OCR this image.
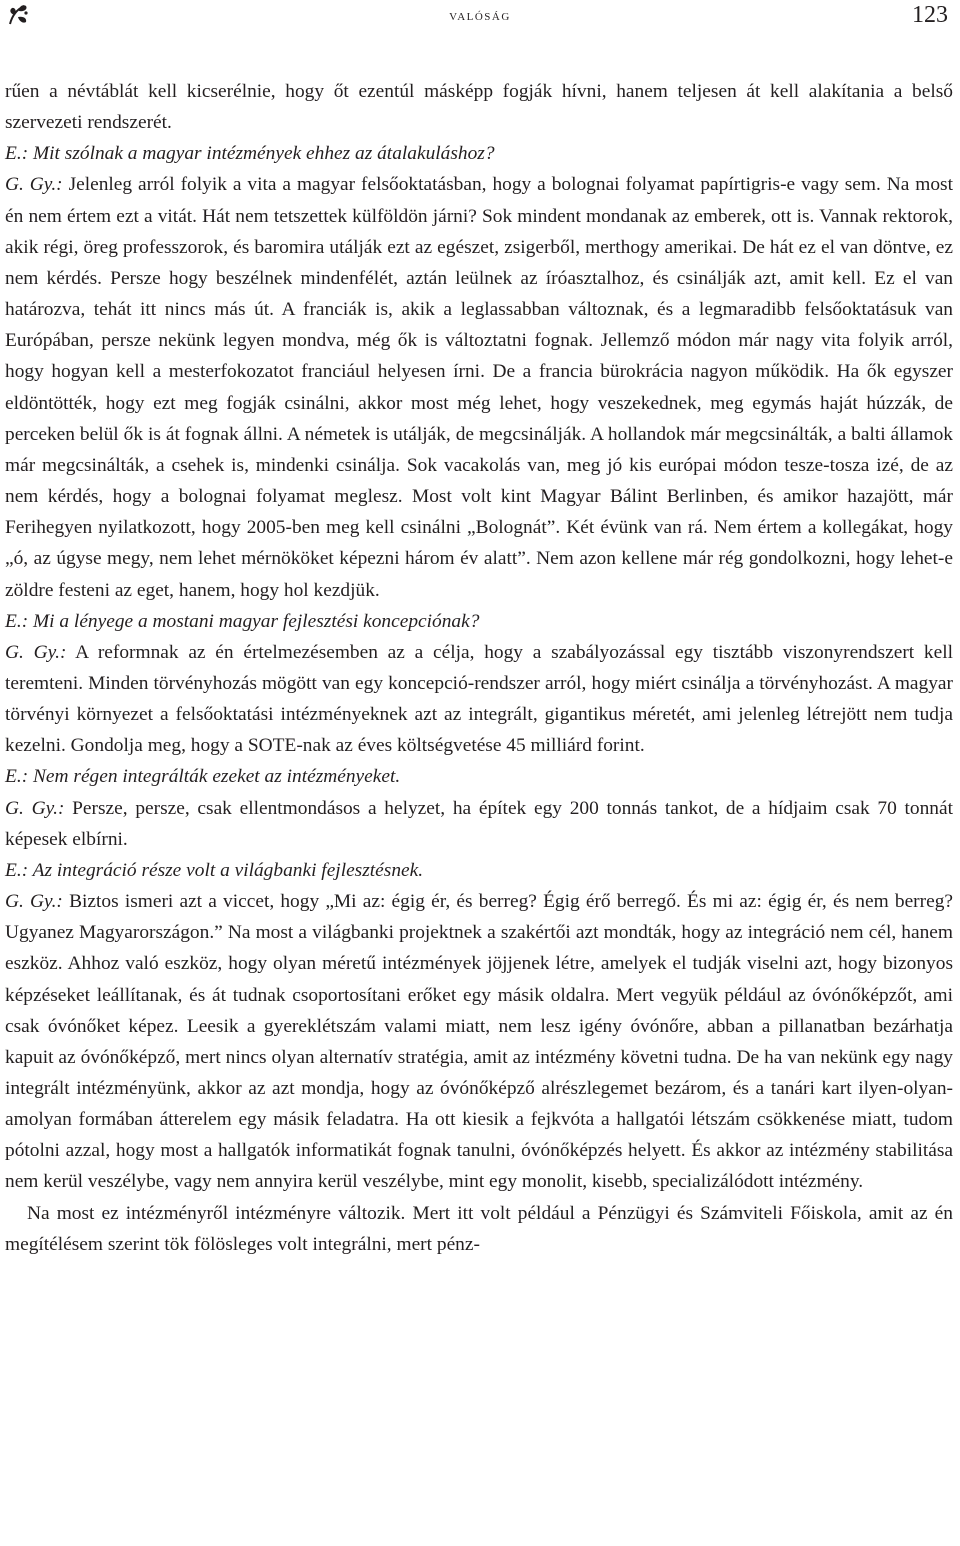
valóság	123

rűen a névtáblát kell kicserélnie, hogy őt ezentúl másképp fogják hívni, hanem teljesen át kell alakítania a belső szervezeti rendszerét.

E.: Mit szólnak a magyar intézmények ehhez az átalakuláshoz?

G. Gy.: Jelenleg arról folyik a vita a magyar felsőoktatásban, hogy a bolognai folyamat papírtigris-e vagy sem. Na most én nem értem ezt a vitát. Hát nem tetszettek külföldön járni? Sok mindent mondanak az emberek, ott is. Vannak rektorok, akik régi, öreg professzorok, és baromira utálják ezt az egészet, zsigerből, merthogy amerikai. De hát ez el van döntve, ez nem kérdés. Persze hogy beszélnek mindenfélét, aztán leülnek az íróasztalhoz, és csinálják azt, amit kell. Ez el van határozva, tehát itt nincs más út. A franciák is, akik a leglassabban változnak, és a legmaradibb felsőoktatásuk van Európában, persze nekünk legyen mondva, még ők is változtatni fognak. Jellemző módon már nagy vita folyik arról, hogy hogyan kell a mesterfokozatot franciául helyesen írni. De a francia bürokrácia nagyon működik. Ha ők egyszer eldöntötték, hogy ezt meg fogják csinálni, akkor most még lehet, hogy veszekednek, meg egymás haját húzzák, de perceken belül ők is át fognak állni. A németek is utálják, de megcsinálják. A hollandok már megcsinálták, a balti államok már megcsinálták, a csehek is, mindenki csinálja. Sok vacakolás van, meg jó kis európai módon tesze-tosza izé, de az nem kérdés, hogy a bolognai folyamat meglesz. Most volt kint Magyar Bálint Berlinben, és amikor hazajött, már Ferihegyen nyilatkozott, hogy 2005-ben meg kell csinálni „Bolognát”. Két évünk van rá. Nem értem a kollegákat, hogy „ó, az úgyse megy, nem lehet mérnököket képezni három év alatt”. Nem azon kellene már rég gondolkozni, hogy lehet-e zöldre festeni az eget, hanem, hogy hol kezdjük.

E.: Mi a lényege a mostani magyar fejlesztési koncepciónak?

G. Gy.: A reformnak az én értelmezésemben az a célja, hogy a szabályozással egy tisztább viszonyrendszert kell teremteni. Minden törvényhozás mögött van egy koncepció-rendszer arról, hogy miért csinálja a törvényhozást. A magyar törvényi környezet a felsőoktatási intézményeknek azt az integrált, gigantikus méretét, ami jelenleg létrejött nem tudja kezelni. Gondolja meg, hogy a SOTE-nak az éves költségvetése 45 milliárd forint.

E.: Nem régen integrálták ezeket az intézményeket.

G. Gy.: Persze, persze, csak ellentmondásos a helyzet, ha építek egy 200 tonnás tankot, de a hídjaim csak 70 tonnát képesek elbírni.

E.: Az integráció része volt a világbanki fejlesztésnek.

G. Gy.: Biztos ismeri azt a viccet, hogy „Mi az: égig ér, és berreg? Égig érő berregő. És mi az: égig ér, és nem berreg? Ugyanez Magyarországon.” Na most a világbanki projektnek a szakértői azt mondták, hogy az integráció nem cél, hanem eszköz. Ahhoz való eszköz, hogy olyan méretű intézmények jöjjenek létre, amelyek el tudják viselni azt, hogy bizonyos képzéseket leállítanak, és át tudnak csoportosítani erőket egy másik oldalra. Mert vegyük például az óvónőképzőt, ami csak óvónőket képez. Leesik a gyereklétszám valami miatt, nem lesz igény óvónőre, abban a pillanatban bezárhatja kapuit az óvónőképző, mert nincs olyan alternatív stratégia, amit az intézmény követni tudna. De ha van nekünk egy nagy integrált intézményünk, akkor az azt mondja, hogy az óvónőképző alrészlegemet bezárom, és a tanári kart ilyen-olyan-amolyan formában átterelem egy másik feladatra. Ha ott kiesik a fejkvóta a hallgatói létszám csökkenése miatt, tudom pótolni azzal, hogy most a hallgatók informatikát fognak tanulni, óvónőképzés helyett. És akkor az intézmény stabilitása nem kerül veszélybe, vagy nem annyira kerül veszélybe, mint egy monolit, kisebb, specializálódott intézmény.

Na most ez intézményről intézményre változik. Mert itt volt például a Pénzügyi és Számviteli Főiskola, amit az én megítélésem szerint tök fölösleges volt integrálni, mert pénz-
